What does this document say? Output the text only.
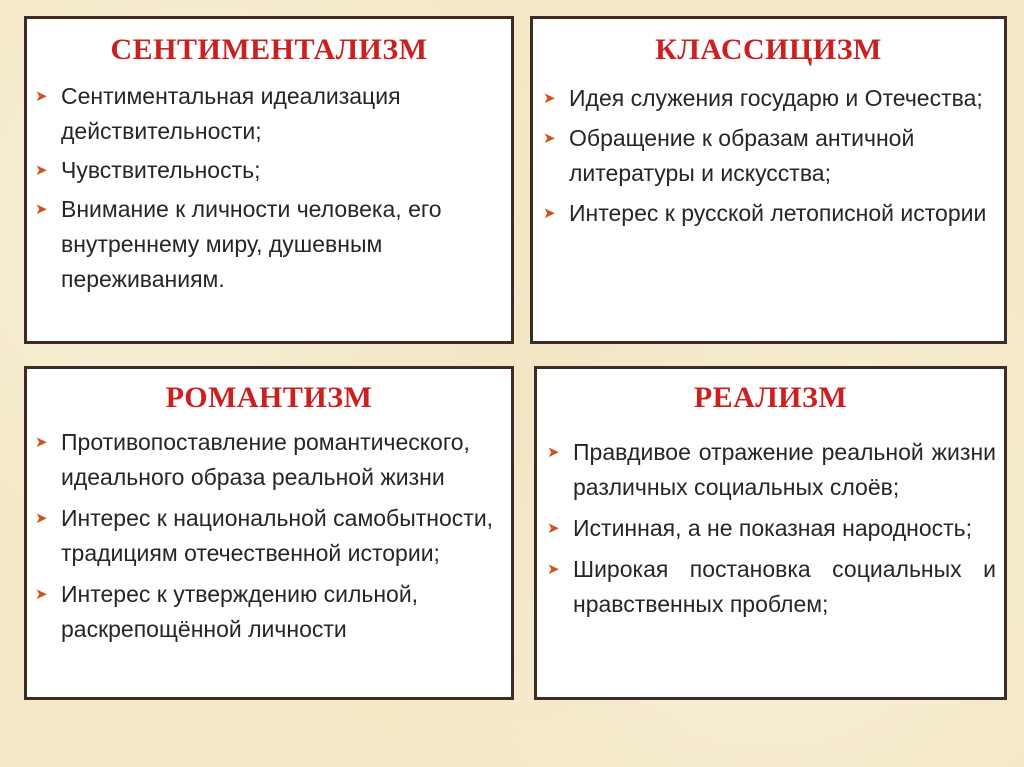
СЕНТИМЕНТАЛИЗМ
➤ Сентиментальная идеализация действительности;
➤ Чувствительность;
➤ Внимание к личности человека, его внутреннему миру, душевным переживаниям.
КЛАССИЦИЗМ
➤ Идея служения государю и Отечества;
➤ Обращение к образам античной литературы и искусства;
➤ Интерес к русской летописной истории
РОМАНТИЗМ
➤ Противопоставление романтического, идеального образа реальной жизни
➤ Интерес к национальной самобытности, традициям отечественной истории;
➤ Интерес к утверждению сильной, раскрепощённой личности
РЕАЛИЗМ
➤ Правдивое отражение реальной жизни различных социальных слоёв;
➤ Истинная, а не показная народность;
➤ Широкая постановка социальных и нравственных проблем;
